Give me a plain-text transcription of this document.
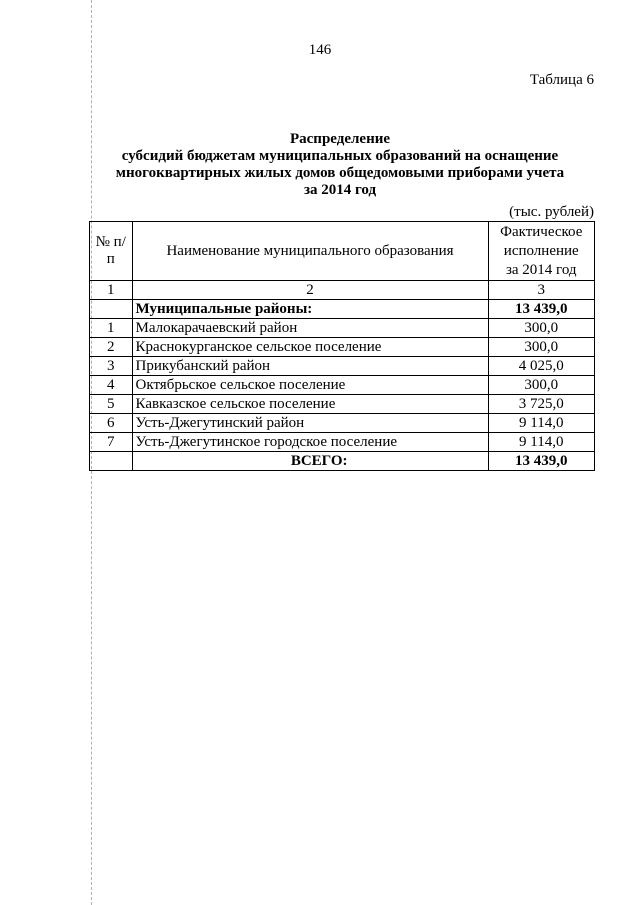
146
Таблица 6
Распределение
субсидий бюджетам муниципальных образований на оснащение
многоквартирных жилых домов общедомовыми приборами учета
за 2014 год
(тыс. рублей)
№ п/п	Наименование муниципального образования	Фактическое
исполнение
за 2014 год

1	2	3
	Муниципальные районы:	13 439,0
1	Малокарачаевский район	300,0
2	Краснокурганское сельское поселение	300,0
3	Прикубанский район	4 025,0
4	Октябрьское сельское поселение	300,0
5	Кавказское сельское поселение	3 725,0
6	Усть-Джегутинский район	9 114,0
7	Усть-Джегутинское городское поселение	9 114,0
	ВСЕГО:	13 439,0
